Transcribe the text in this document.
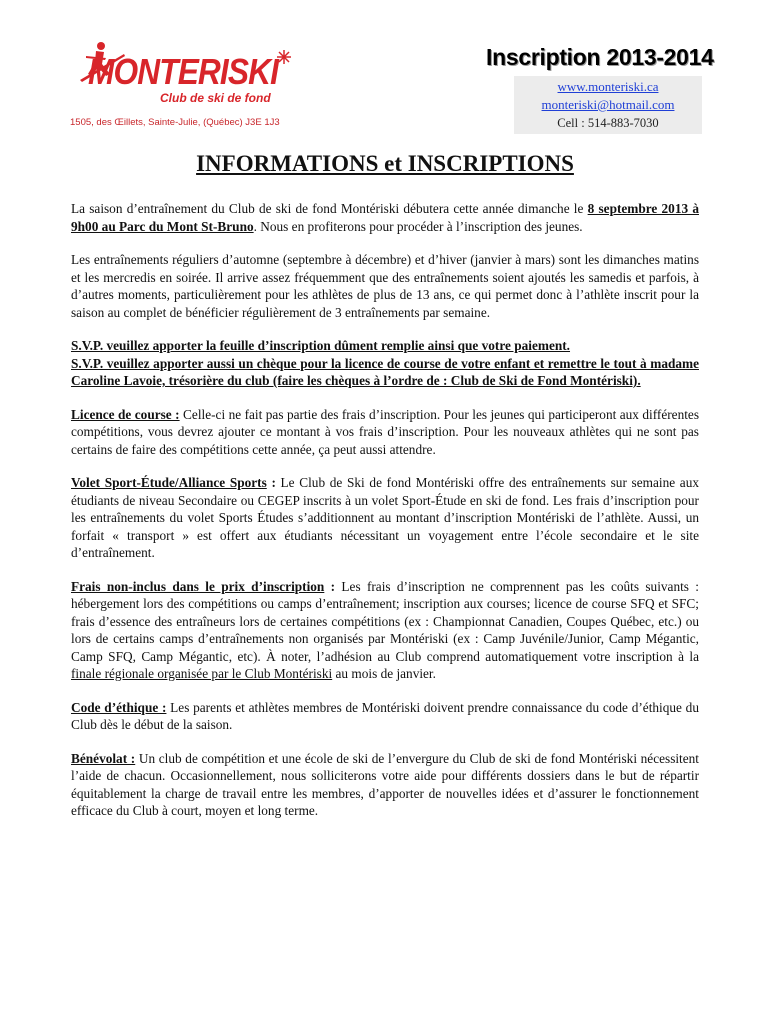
MONTERISKI
Club de ski de fond
1505, des Œillets, Sainte-Julie, (Québec) J3E 1J3
Inscription 2013-2014
www.monteriski.ca
monteriski@hotmail.com
Cell : 514-883-7030
INFORMATIONS et INSCRIPTIONS

La saison d’entraînement du Club de ski de fond Montériski débutera cette année dimanche le 8 septembre 2013 à 9h00 au Parc du Mont St-Bruno. Nous en profiterons pour procéder à l’inscription des jeunes.

Les entraînements réguliers d’automne (septembre à décembre) et d’hiver (janvier à mars) sont les dimanches matins et les mercredis en soirée. Il arrive assez fréquemment que des entraînements soient ajoutés les samedis et parfois, à d’autres moments, particulièrement pour les athlètes de plus de 13 ans, ce qui permet donc à l’athlète inscrit pour la saison au complet de bénéficier régulièrement de 3 entraînements par semaine.

S.V.P. veuillez apporter la feuille d’inscription dûment remplie ainsi que votre paiement.
S.V.P. veuillez apporter aussi un chèque pour la licence de course de votre enfant et remettre le tout à madame Caroline Lavoie, trésorière du club (faire les chèques à l’ordre de : Club de Ski de Fond Montériski).

Licence de course : Celle-ci ne fait pas partie des frais d’inscription. Pour les jeunes qui participeront aux différentes compétitions, vous devrez ajouter ce montant à vos frais d’inscription. Pour les nouveaux athlètes qui ne sont pas certains de faire des compétitions cette année, ça peut aussi attendre.

Volet Sport-Étude/Alliance Sports : Le Club de Ski de fond Montériski offre des entraînements sur semaine aux étudiants de niveau Secondaire ou CEGEP inscrits à un volet Sport-Étude en ski de fond. Les frais d’inscription pour les entraînements du volet Sports Études s’additionnent au montant d’inscription Montériski de l’athlète. Aussi, un forfait « transport » est offert aux étudiants nécessitant un voyagement entre l’école secondaire et le site d’entraînement.

Frais non-inclus dans le prix d’inscription : Les frais d’inscription ne comprennent pas les coûts suivants : hébergement lors des compétitions ou camps d’entraînement; inscription aux courses; licence de course SFQ et SFC; frais d’essence des entraîneurs lors de certaines compétitions (ex : Championnat Canadien, Coupes Québec, etc.) ou lors de certains camps d’entraînements non organisés par Montériski (ex : Camp Juvénile/Junior, Camp Mégantic, Camp SFQ, Camp Mégantic, etc). À noter, l’adhésion au Club comprend automatiquement votre inscription à la finale régionale organisée par le Club Montériski au mois de janvier.

Code d’éthique : Les parents et athlètes membres de Montériski doivent prendre connaissance du code d’éthique du Club dès le début de la saison.

Bénévolat : Un club de compétition et une école de ski de l’envergure du Club de ski de fond Montériski nécessitent l’aide de chacun. Occasionnellement, nous solliciterons votre aide pour différents dossiers dans le but de répartir équitablement la charge de travail entre les membres, d’apporter de nouvelles idées et d’assurer le fonctionnement efficace du Club à court, moyen et long terme.
